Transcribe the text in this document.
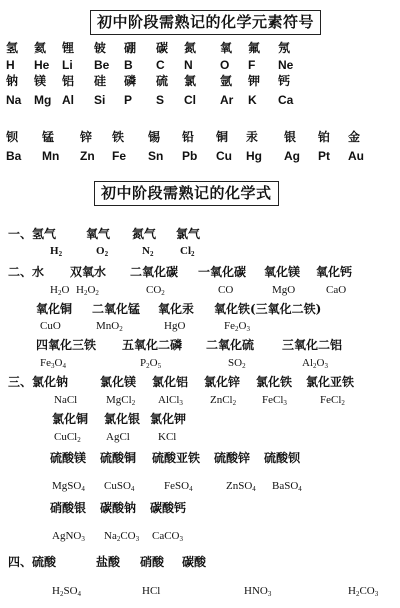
初中阶段需熟记的化学元素符号
氢 氦 锂 铍 硼 碳 氮 氧 氟 氖
H He Li Be B C N O F Ne
钠 镁 铝 硅 磷 硫 氯 氩 钾 钙
Na Mg Al Si P S Cl Ar K Ca
钡 锰 锌 铁 锡 铅 铜 汞 银 铂 金
Ba Mn Zn Fe Sn Pb Cu Hg Ag Pt Au
初中阶段需熟记的化学式
一、氢气 氧气 氮气 氯气
$H_2$	$O_2$	$N_2$ $Cl_2$
二、水 双氧水 二氧化碳 一氧化碳 氧化镁 氧化钙
$H_2O$ $H_2O_2$	$CO_2$	CO	MgO	CaO
氧化铜 二氧化锰 氧化汞 氧化铁(三氧化二铁)
CuO	MnO$_2$	HgO	$Fe_2O_3$
四氧化三铁 五氧化二磷 二氧化硫 三氧化二铝
$Fe_3O_4$	$P_2O_5$	$SO_2$	$Al_2O_3$
三、氯化钠	氯化镁 氯化铝 氯化锌 氯化铁 氯化亚铁
NaCl	MgCl$_2$ AlCl$_3$ ZnCl$_2$ FeCl$_3$	FeCl$_2$
氯化铜 氯化银 氯化钾
CuCl$_2$ AgCl	KCl
硫酸镁 硫酸铜 硫酸亚铁 硫酸锌 硫酸钡
MgSO$_4$ CuSO$_4$	FeSO$_4$	ZnSO$_4$ BaSO$_4$
硝酸银 碳酸钠 碳酸钙
AgNO$_3$ $Na_2CO_3$ CaCO$_3$
四、硫酸	盐酸 硝酸 碳酸
$H_2SO_4$	HCl	$HNO_3$	$H_2CO_3$
